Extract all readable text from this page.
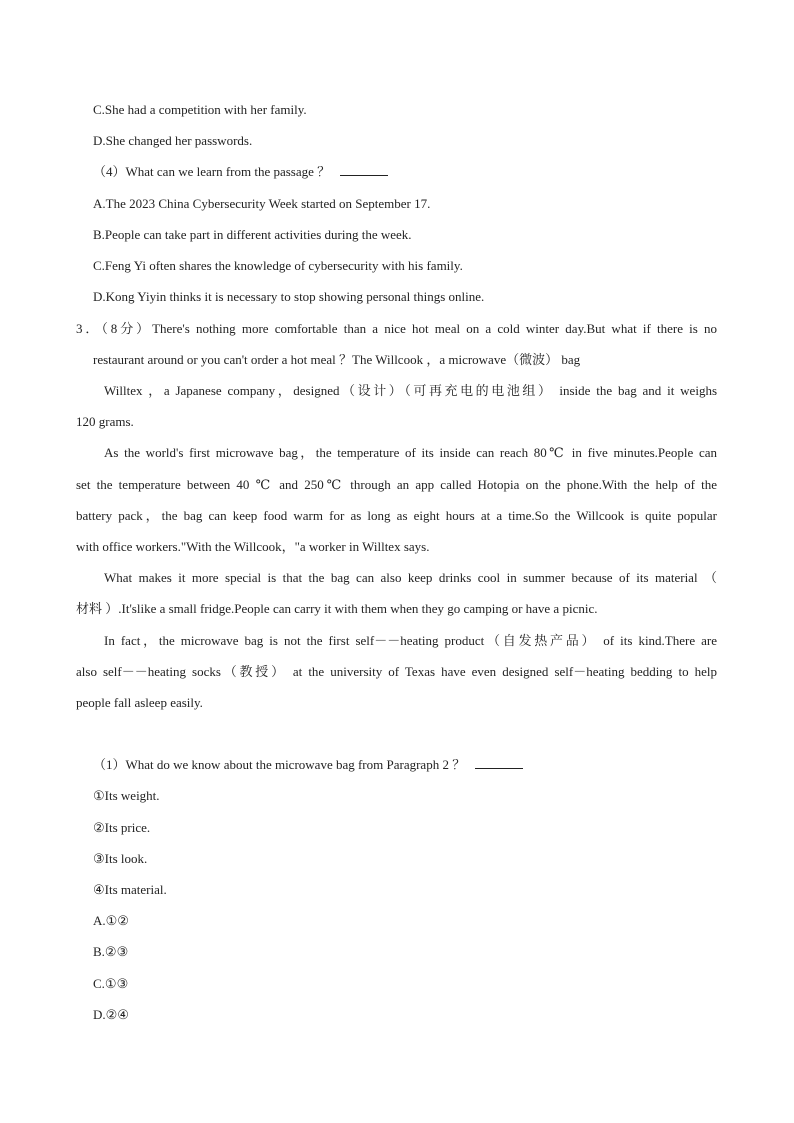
C.She had a competition with her family.
D.She changed her passwords.
（4）What can we learn from the passage ？
A.The 2023 China Cybersecurity Week started on September 17.
B.People can take part in different activities during the week.
C.Feng Yi often shares the knowledge of cybersecurity with his family.
D.Kong Yiyin thinks it is necessary to stop showing personal things online.
3．（8分）There's nothing more comfortable than a nice hot meal on a cold winter day.But what if there is no
restaurant around or you can't order a hot meal ？The Willcook ，a microwave（微波） bag
Willtex ，a Japanese company，designed（设计）（可再充电的电池组） inside the bag and it weighs
120 grams.
As the world's first microwave bag，the temperature of its inside can reach 80℃ in five minutes.People can
set the temperature between 40 ℃ and 250℃ through an app called Hotopia on the phone.With the help of the
battery pack，the bag can keep food warm for as long as eight hours at a time.So the Willcook is quite popular
with office workers."With the Willcook，"a worker in Willtex says.
What makes it more special is that the bag can also keep drinks cool in summer because of its material （
材料 ）.It'slike a small fridge.People can carry it with them when they go camping or have a picnic.
In fact，the microwave bag is not the first self－－heating product（自发热产品） of its kind.There are
also self－－heating socks（教授） at the university of Texas have even designed self－heating bedding to help
people fall asleep easily.
（1）What do we know about the microwave bag from Paragraph 2 ？
①Its weight.
②Its price.
③Its look.
④Its material.
A.①②
B.②③
C.①③
D.②④
